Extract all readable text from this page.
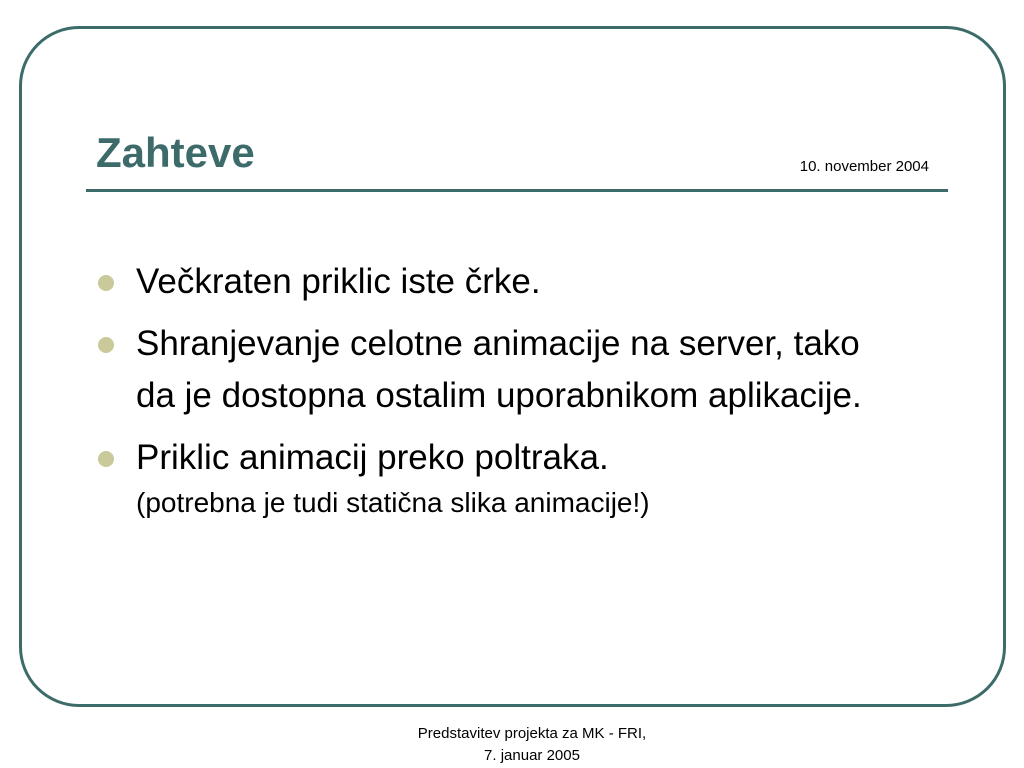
Zahteve	10. november 2004
Večkraten priklic iste črke.
Shranjevanje celotne animacije na server, tako da je dostopna ostalim uporabnikom aplikacije.
Priklic animacij preko poltraka.
(potrebna je tudi statična slika animacije!)
Predstavitev projekta za MK - FRI,
7. januar 2005
